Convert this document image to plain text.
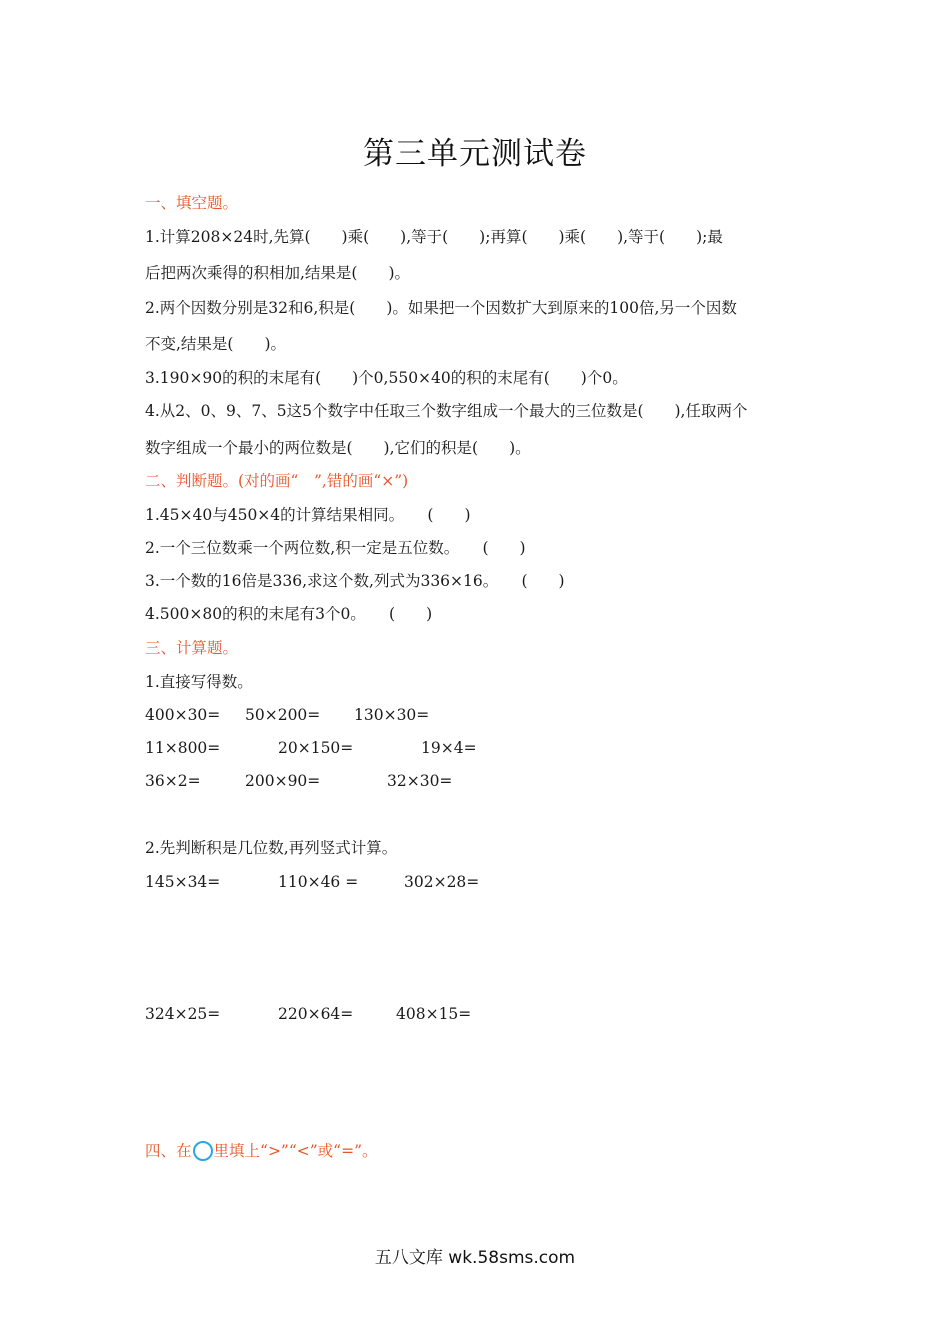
第三单元测试卷
一、填空题。
1.计算208×24时,先算(　　)乘(　　),等于(　　);再算(　　)乘(　　),等于(　　);最
后把两次乘得的积相加,结果是(　　)。
2.两个因数分别是32和6,积是(　　)。如果把一个因数扩大到原来的100倍,另一个因数
不变,结果是(　　)。
3.190×90的积的末尾有(　　)个0,550×40的积的末尾有(　　)个0。
4.从2、0、9、7、5这5个数字中任取三个数字组成一个最大的三位数是(　　),任取两个
数字组成一个最小的两位数是(　　),它们的积是(　　)。
二、判断题。(对的画“　”,错的画“×”)
1.45×40与450×4的计算结果相同。　　(　　)
2.一个三位数乘一个两位数,积一定是五位数。　　(　　)
3.一个数的16倍是336,求这个数,列式为336×16。　　(　　)
4.500×80的积的末尾有3个0。　　(　　)
三、计算题。
1.直接写得数。
400×30= 50×200= 130×30=
11×800=	20×150=	19×4=
36×2=	200×90=	32×30=
2.先判断积是几位数,再列竖式计算。
145×34=	110×46 =	302×28=
324×25=	220×64=	408×15=
四、在 里填上“>”“<”或“=”。
五八文库 wk.58sms.com
